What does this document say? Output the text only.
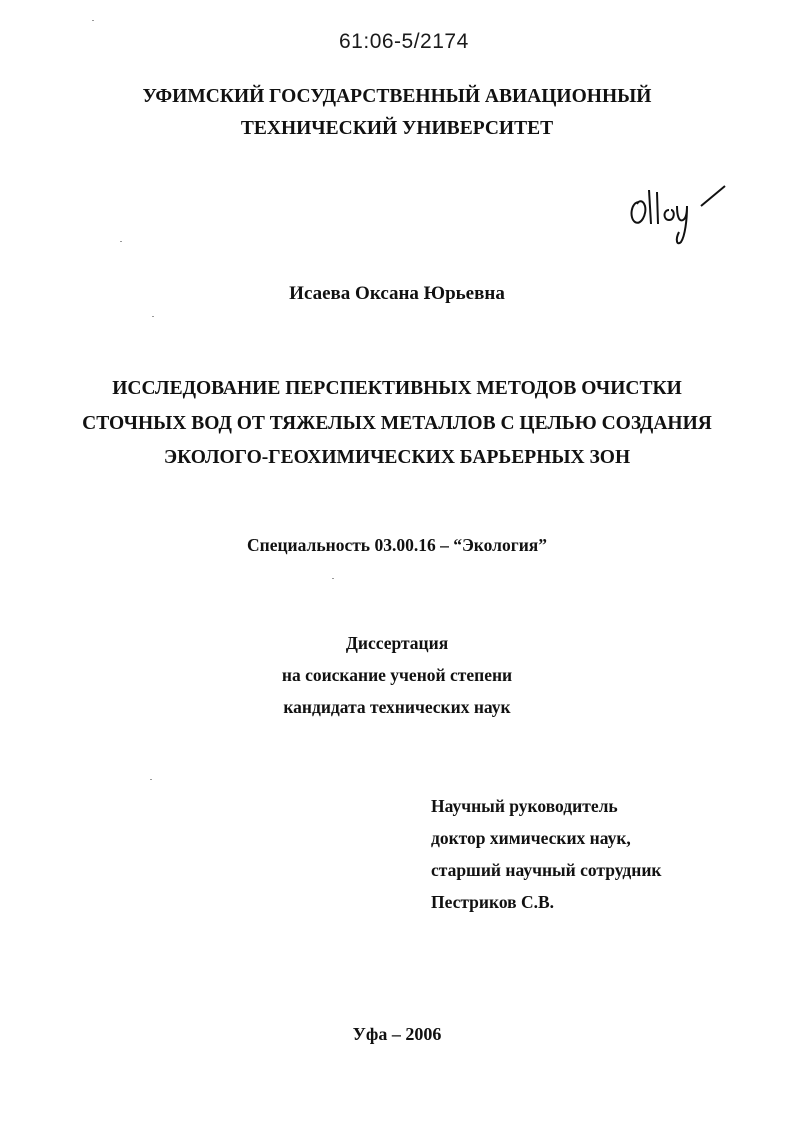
61:06-5/2174
УФИМСКИЙ ГОСУДАРСТВЕННЫЙ АВИАЦИОННЫЙ
ТЕХНИЧЕСКИЙ УНИВЕРСИТЕТ
Исаева Оксана Юрьевна
ИССЛЕДОВАНИЕ ПЕРСПЕКТИВНЫХ МЕТОДОВ ОЧИСТКИ
СТОЧНЫХ ВОД ОТ ТЯЖЕЛЫХ МЕТАЛЛОВ С ЦЕЛЬЮ СОЗДАНИЯ
ЭКОЛОГО-ГЕОХИМИЧЕСКИХ БАРЬЕРНЫХ ЗОН
Специальность 03.00.16 – “Экология”
Диссертация
на соискание ученой степени
кандидата технических наук
Научный руководитель
доктор химических наук,
старший научный сотрудник
Пестриков С.В.
Уфа – 2006
